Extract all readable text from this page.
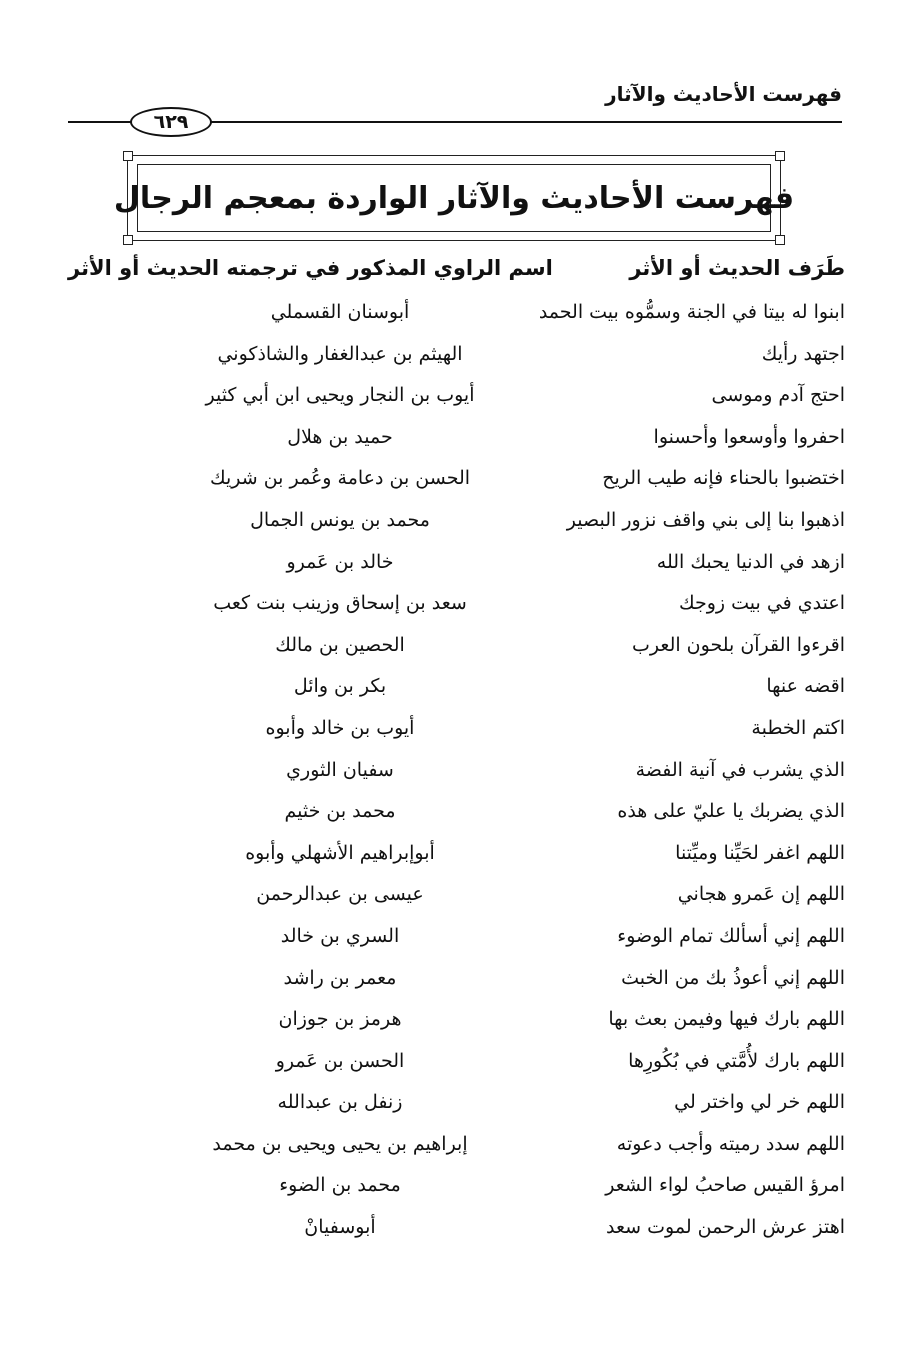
فهرست الأحاديث والآثار
٦٢٩
فهرست الأحاديث والآثار الواردة بمعجم الرجال
طَرَف الحديث أو الأثر
اسم الراوي المذكور في ترجمته الحديث أو الأثر
ابنوا له بيتا في الجنة وسمُّوه بيت الحمد
أبوسنان القسملي
اجتهد رأيك
الهيثم بن عبدالغفار والشاذكوني
احتج آدم وموسى
أيوب بن النجار ويحيى ابن أبي كثير
احفروا وأوسعوا وأحسنوا
حميد بن هلال
اختضبوا بالحناء فإنه طيب الريح
الحسن بن دعامة وعُمر بن شريك
اذهبوا بنا إلى بني واقف نزور البصير
محمد بن يونس الجمال
ازهد في الدنيا يحبك الله
خالد بن عَمرو
اعتدي في بيت زوجك
سعد بن إسحاق وزينب بنت كعب
اقرءوا القرآن بلحون العرب
الحصين بن مالك
اقضه عنها
بكر بن وائل
اكتم الخطبة
أيوب بن خالد وأبوه
الذي يشرب في آنية الفضة
سفيان الثوري
الذي يضربك يا عليّ على هذه
محمد بن خثيم
اللهم اغفر لحَيِّنا وميِّتنا
أبوإبراهيم الأشهلي وأبوه
اللهم إن عَمرو هجاني
عيسى بن عبدالرحمن
اللهم إني أسألك تمام الوضوء
السري بن خالد
اللهم إني أعوذُ بك من الخبث
معمر بن راشد
اللهم بارك فيها وفيمن بعث بها
هرمز بن جوزان
اللهم بارك لأُمَّتي في بُكُورِها
الحسن بن عَمرو
اللهم خر لي واختر لي
زنفل بن عبدالله
اللهم سدد رميته وأجب دعوته
إبراهيم بن يحيى ويحيى بن محمد
امرؤ القيس صاحبُ لواء الشعر
محمد بن الضوء
اهتز عرش الرحمن لموت سعد
أبوسفيانْ
